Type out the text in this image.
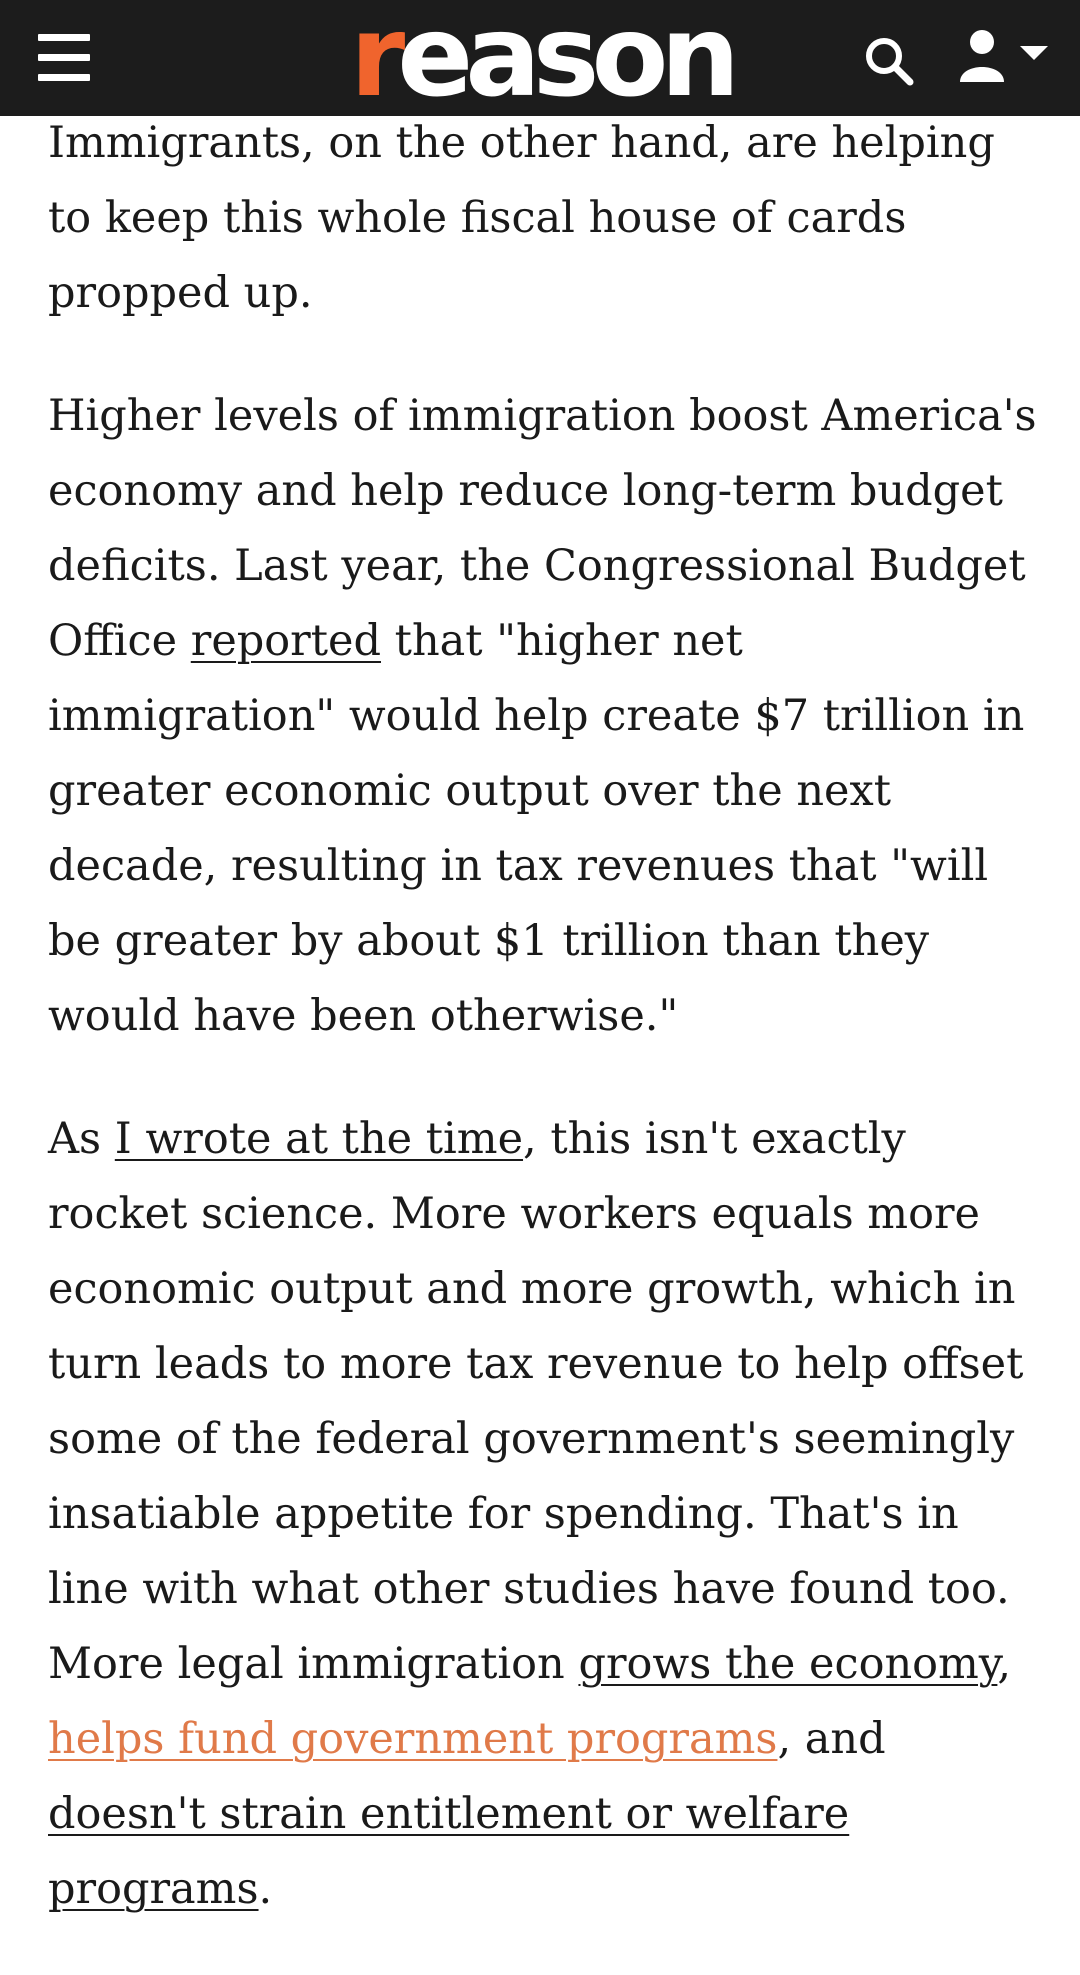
reason

Immigrants, on the other hand, are helping to keep this whole fiscal house of cards propped up.

Higher levels of immigration boost America's economy and help reduce long-term budget deficits. Last year, the Congressional Budget Office reported that "higher net immigration" would help create $7 trillion in greater economic output over the next decade, resulting in tax revenues that "will be greater by about $1 trillion than they would have been otherwise."

As I wrote at the time, this isn't exactly rocket science. More workers equals more economic output and more growth, which in turn leads to more tax revenue to help offset some of the federal government's seemingly insatiable appetite for spending. That's in line with what other studies have found too. More legal immigration grows the economy, helps fund government programs, and doesn't strain entitlement or welfare programs.
